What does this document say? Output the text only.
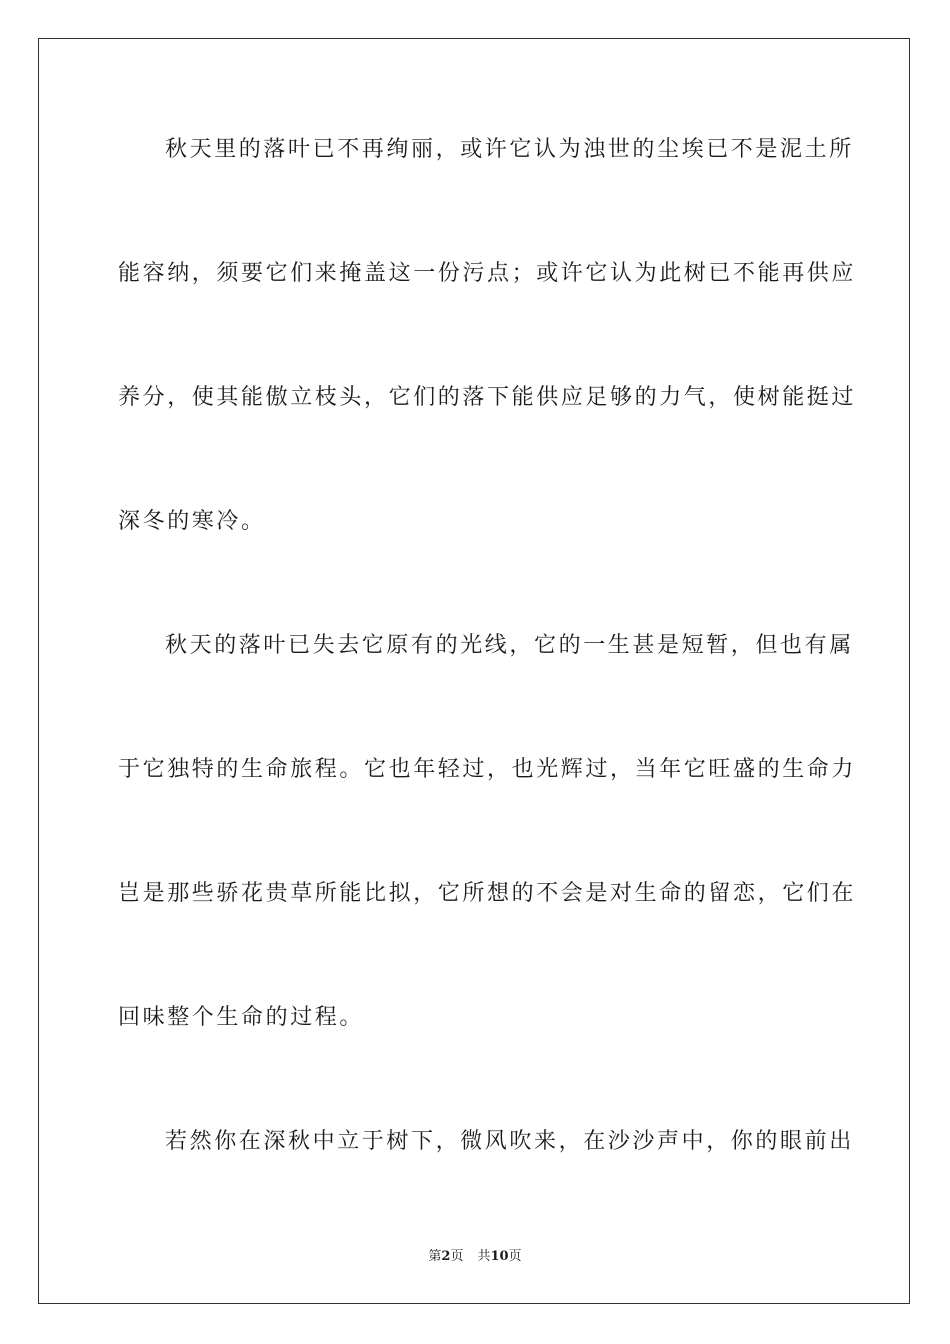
秋天里的落叶已不再绚丽，或许它认为浊世的尘埃已不是泥土所
能容纳，须要它们来掩盖这一份污点；或许它认为此树已不能再供应
养分，使其能傲立枝头，它们的落下能供应足够的力气，使树能挺过
深冬的寒冷。
秋天的落叶已失去它原有的光线，它的一生甚是短暂，但也有属
于它独特的生命旅程。它也年轻过，也光辉过，当年它旺盛的生命力
岂是那些骄花贵草所能比拟，它所想的不会是对生命的留恋，它们在
回味整个生命的过程。
若然你在深秋中立于树下，微风吹来，在沙沙声中，你的眼前出
第2页 共10页
